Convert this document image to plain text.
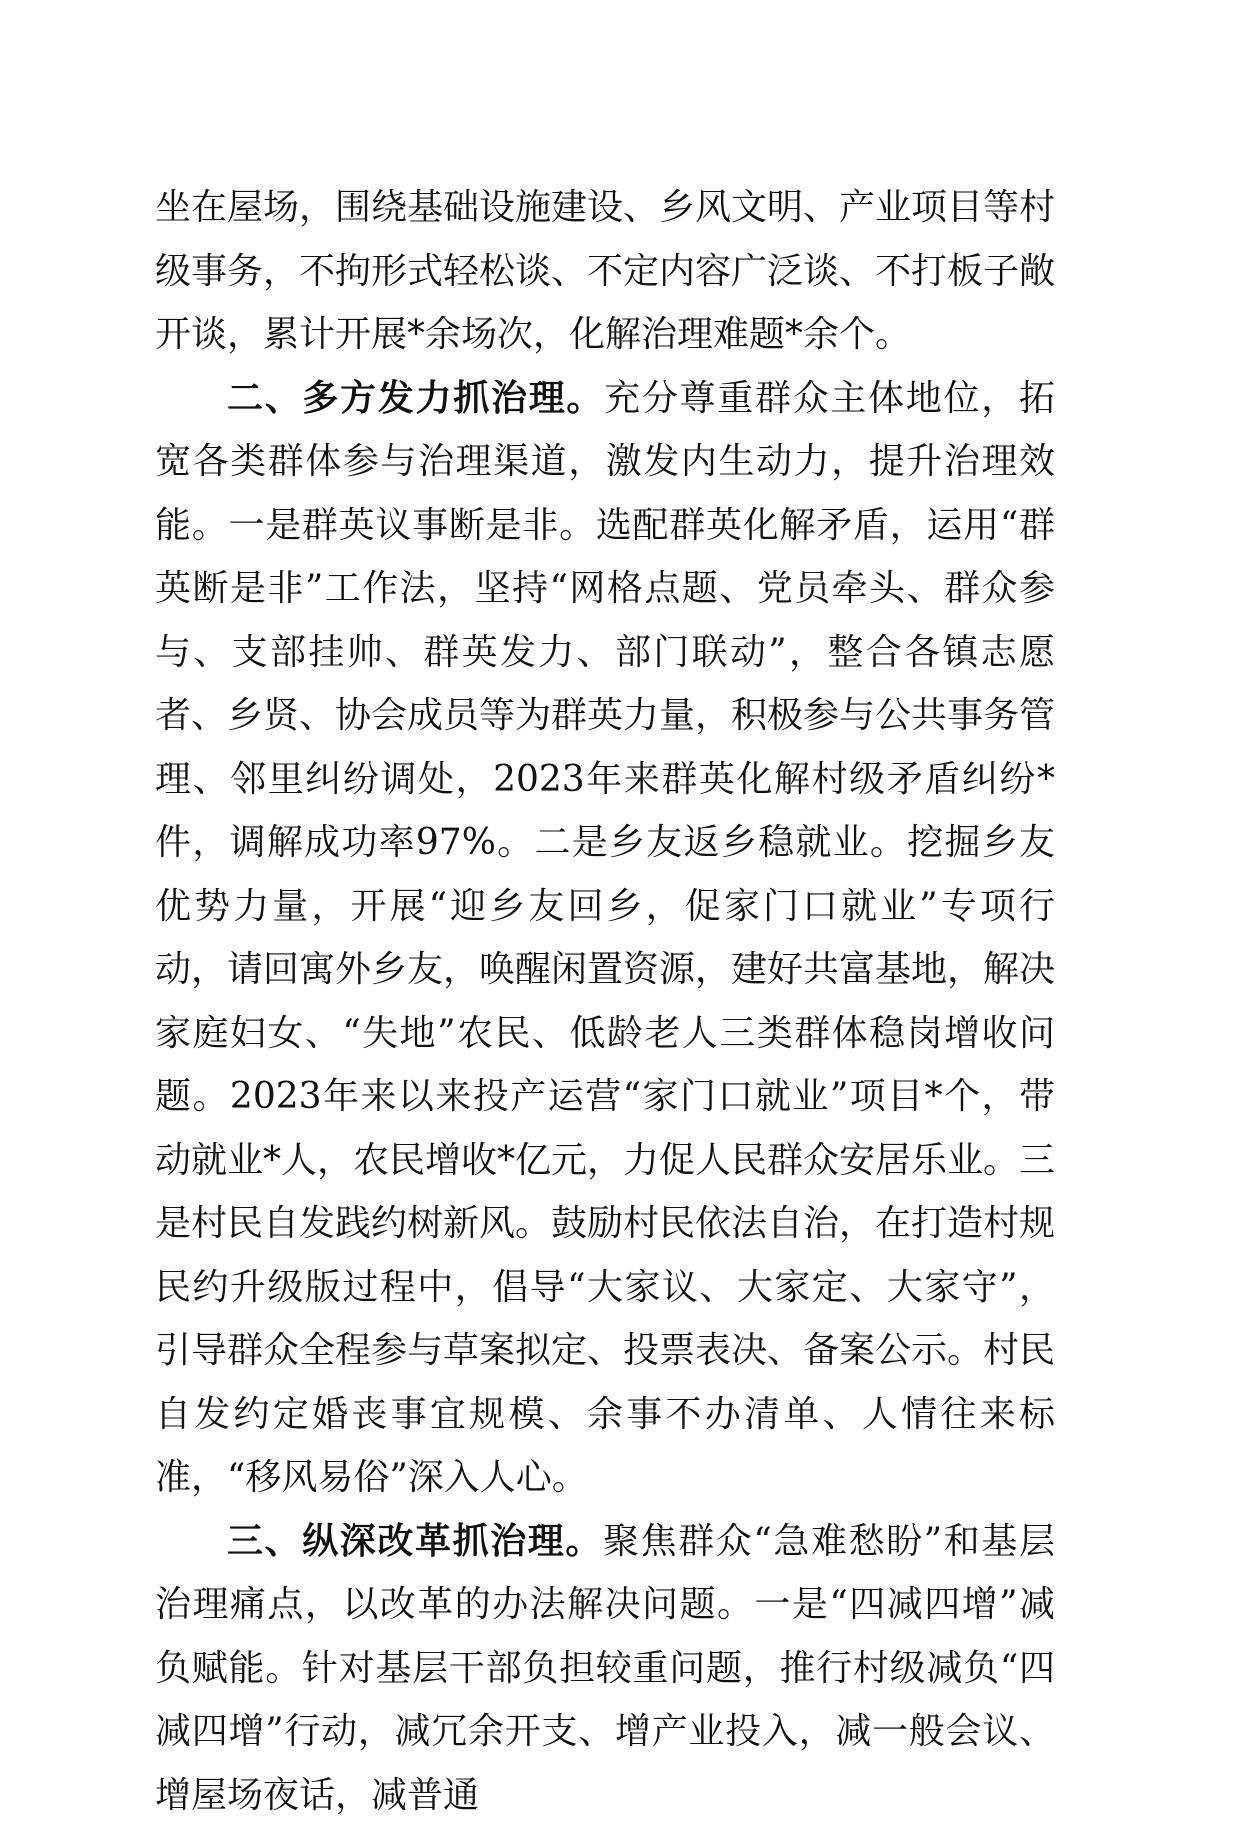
坐在屋场，围绕基础设施建设、乡风文明、产业项目等村级事务，不拘形式轻松谈、不定内容广泛谈、不打板子敞开谈，累计开展*余场次，化解治理难题*余个。

二、多方发力抓治理。充分尊重群众主体地位，拓宽各类群体参与治理渠道，激发内生动力，提升治理效能。一是群英议事断是非。选配群英化解矛盾，运用“群英断是非”工作法，坚持“网格点题、党员牵头、群众参与、支部挂帅、群英发力、部门联动”，整合各镇志愿者、乡贤、协会成员等为群英力量，积极参与公共事务管理、邻里纠纷调处，2023年来群英化解村级矛盾纠纷*件，调解成功率97%。二是乡友返乡稳就业。挖掘乡友优势力量，开展“迎乡友回乡，促家门口就业”专项行动，请回寓外乡友，唤醒闲置资源，建好共富基地，解决家庭妇女、“失地”农民、低龄老人三类群体稳岗增收问题。2023年来以来投产运营“家门口就业”项目*个，带动就业*人，农民增收*亿元，力促人民群众安居乐业。三是村民自发践约树新风。鼓励村民依法自治，在打造村规民约升级版过程中，倡导“大家议、大家定、大家守”，引导群众全程参与草案拟定、投票表决、备案公示。村民自发约定婚丧事宜规模、余事不办清单、人情往来标准，“移风易俗”深入人心。

三、纵深改革抓治理。聚焦群众“急难愁盼”和基层治理痛点，以改革的办法解决问题。一是“四减四增”减负赋能。针对基层干部负担较重问题，推行村级减负“四减四增”行动，减冗余开支、增产业投入，减一般会议、增屋场夜话，减普通
